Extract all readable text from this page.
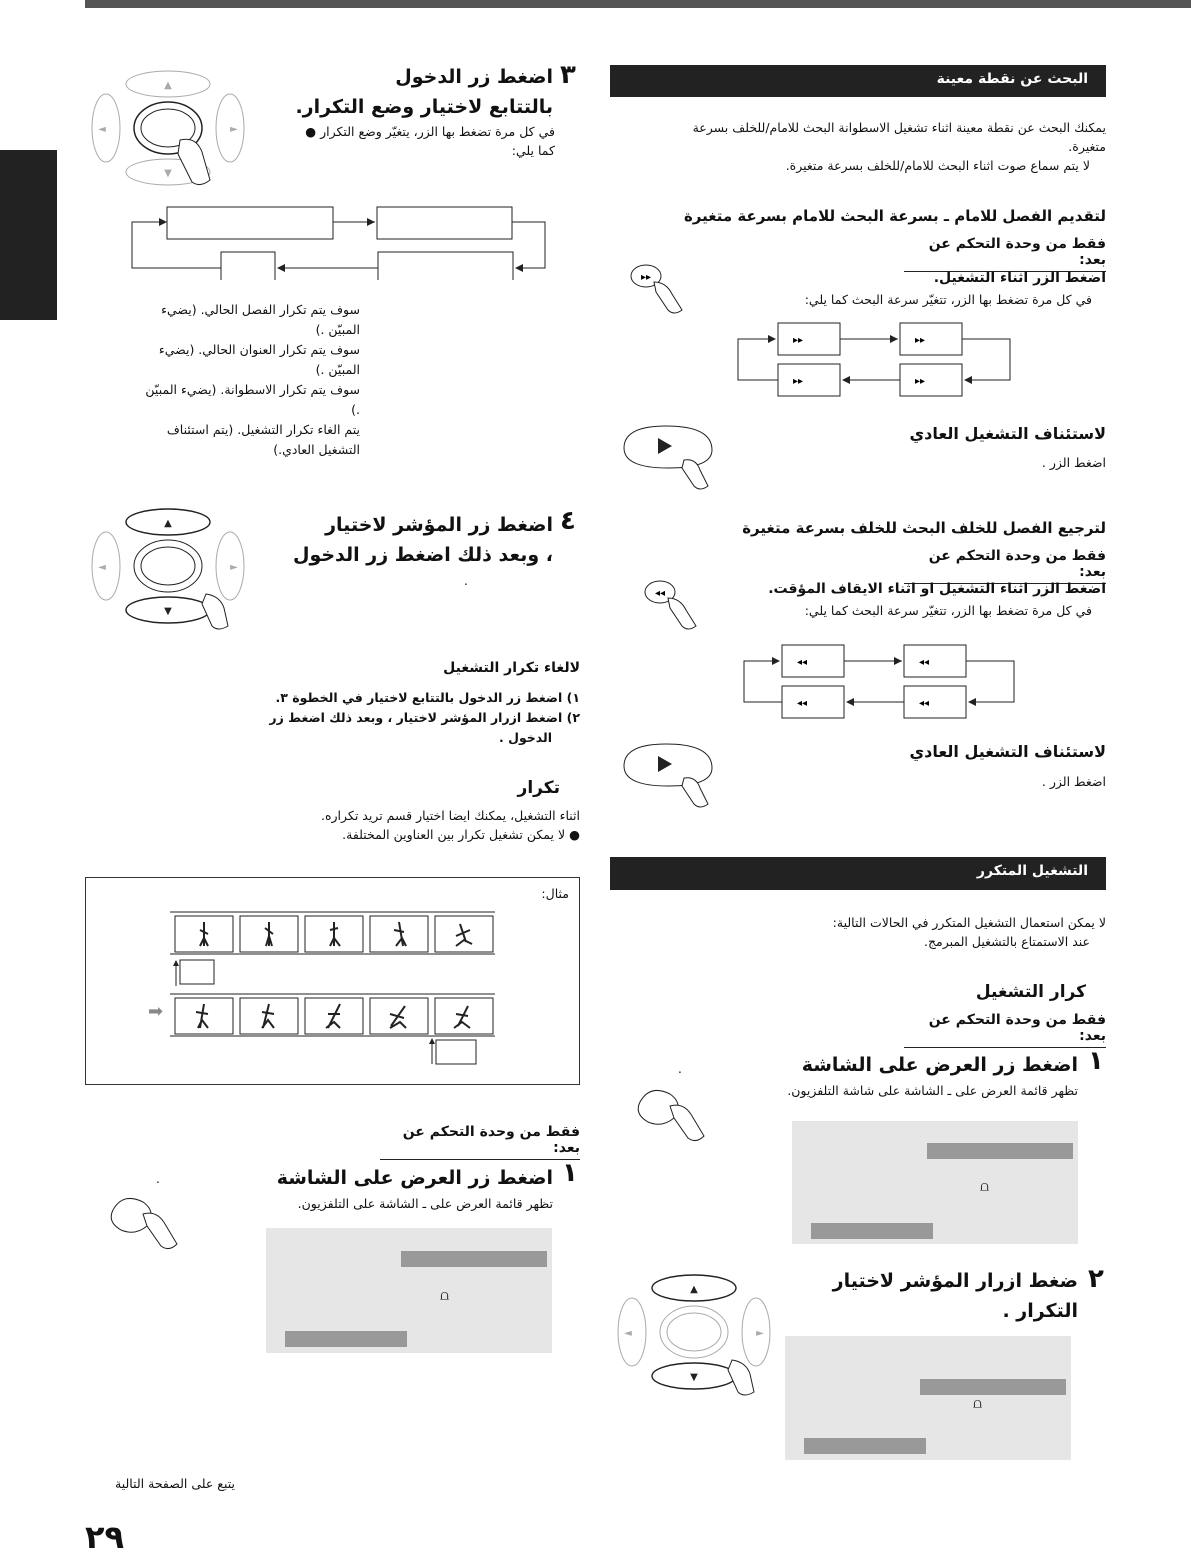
▲
▼
◄	►
٣
اضغط زر الدخول
بالتتابع لاختيار وضع التكرار.
في كل مرة تضغط بها الزر، يتغيّر وضع التكرار ●
كما يلي:
سوف يتم تكرار الفصل الحالي. (يضيء
المبيّن .)
سوف يتم تكرار العنوان الحالي. (يضيء
المبيّن .)
سوف يتم تكرار الاسطوانة. (يضيء المبيّن
.)
يتم الغاء تكرار التشغيل. (يتم استئناف
التشغيل العادي.)
▲
▼
◄	►
٤
اضغط زر المؤشر لاختيار
، وبعد ذلك اضغط زر الدخول
.
لالغاء تكرار التشغيل
١) اضغط زر الدخول بالتتابع لاختيار في الخطوة ٣.
٢) اضغط ازرار المؤشر لاختيار ، وبعد ذلك اضغط زر
الدخول .
تكرار
اثناء التشغيل، يمكنك ايضا اختيار قسم تريد تكراره.
● لا يمكن تشغيل تكرار بين العناوين المختلفة.
مثال:
➡
فقط من وحدة التحكم عن بعد:
.	١
اضغط زر العرض على الشاشة
تظهر قائمة العرض على ـ الشاشة على التلفزيون.
⩍
يتبع على الصفحة التالية
٢٩
البحث عن نقطة معينة
يمكنك البحث عن نقطة معينة اثناء تشغيل الاسطوانة البحث للامام/للخلف بسرعة
متغيرة.
لا يتم سماع صوت اثناء البحث للامام/للخلف بسرعة متغيرة.
لتقديم الفصل للامام ـ بسرعة البحث للامام بسرعة متغيرة
فقط من وحدة التحكم عن بعد:
▸▸	اضغط الزر اثناء التشغيل.
في كل مرة تضغط بها الزر، تتغيّر سرعة البحث كما يلي:
▸▸	▸▸
▸▸	▸▸
لاستئناف التشغيل العادي
اضغط الزر .
لترجيع الفصل للخلف البحث للخلف بسرعة متغيرة
فقط من وحدة التحكم عن بعد:
◂◂	اضغط الزر اثناء التشغيل او اثناء الايقاف المؤقت.
في كل مرة تضغط بها الزر، تتغيّر سرعة البحث كما يلي:
◂◂	◂◂
◂◂	◂◂
لاستئناف التشغيل العادي
اضغط الزر .
التشغيل المتكرر
لا يمكن استعمال التشغيل المتكرر في الحالات التالية:
عند الاستمتاع بالتشغيل المبرمج.
كرار التشغيل
فقط من وحدة التحكم عن بعد:
١
اضغط زر العرض على الشاشة
.
تظهر قائمة العرض على ـ الشاشة على شاشة التلفزيون.
⩍
٢
ضغط ازرار المؤشر لاختيار
التكرار .
▲
▼
◄	►
⩍
